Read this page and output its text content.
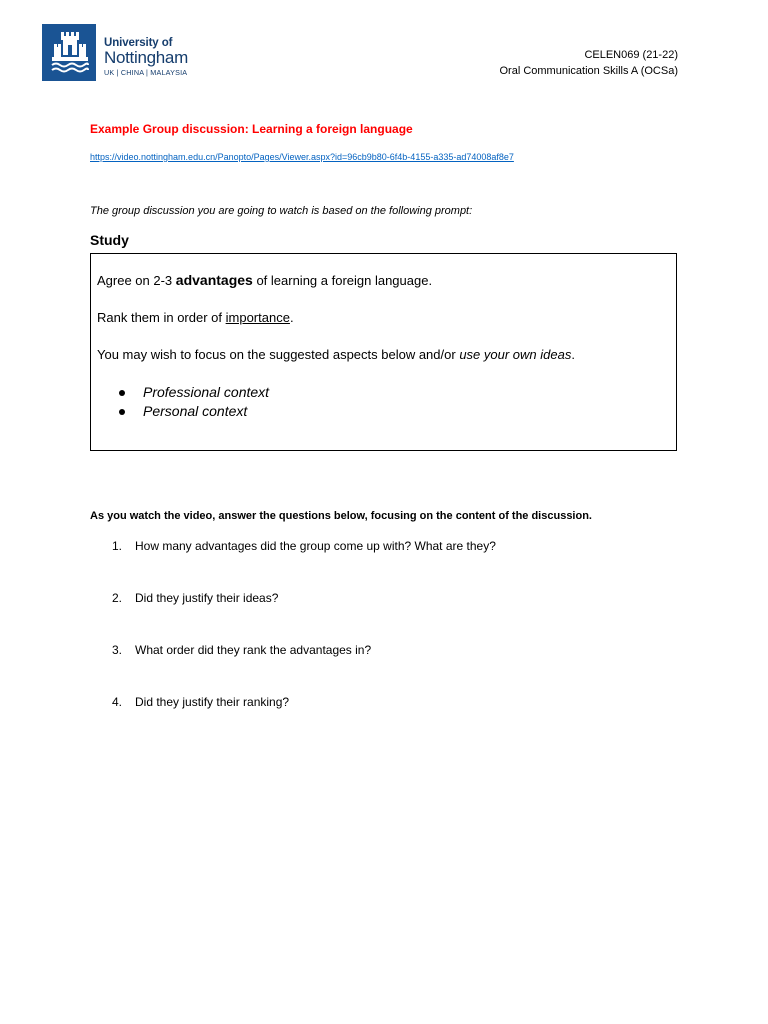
University of
Nottingham
UK | CHINA | MALAYSIA
CELEN069 (21-22)
Oral Communication Skills A (OCSa)
Example Group discussion: Learning a foreign language
https://video.nottingham.edu.cn/Panopto/Pages/Viewer.aspx?id=96cb9b80-6f4b-4155-a335-ad74008af8e7
The group discussion you are going to watch is based on the following prompt:
Study
Agree on 2-3 advantages of learning a foreign language.
Rank them in order of importance.
You may wish to focus on the suggested aspects below and/or use your own ideas.
Professional context
Personal context
As you watch the video, answer the questions below, focusing on the content of the discussion.
1. How many advantages did the group come up with? What are they?
2. Did they justify their ideas?
3. What order did they rank the advantages in?
4. Did they justify their ranking?
